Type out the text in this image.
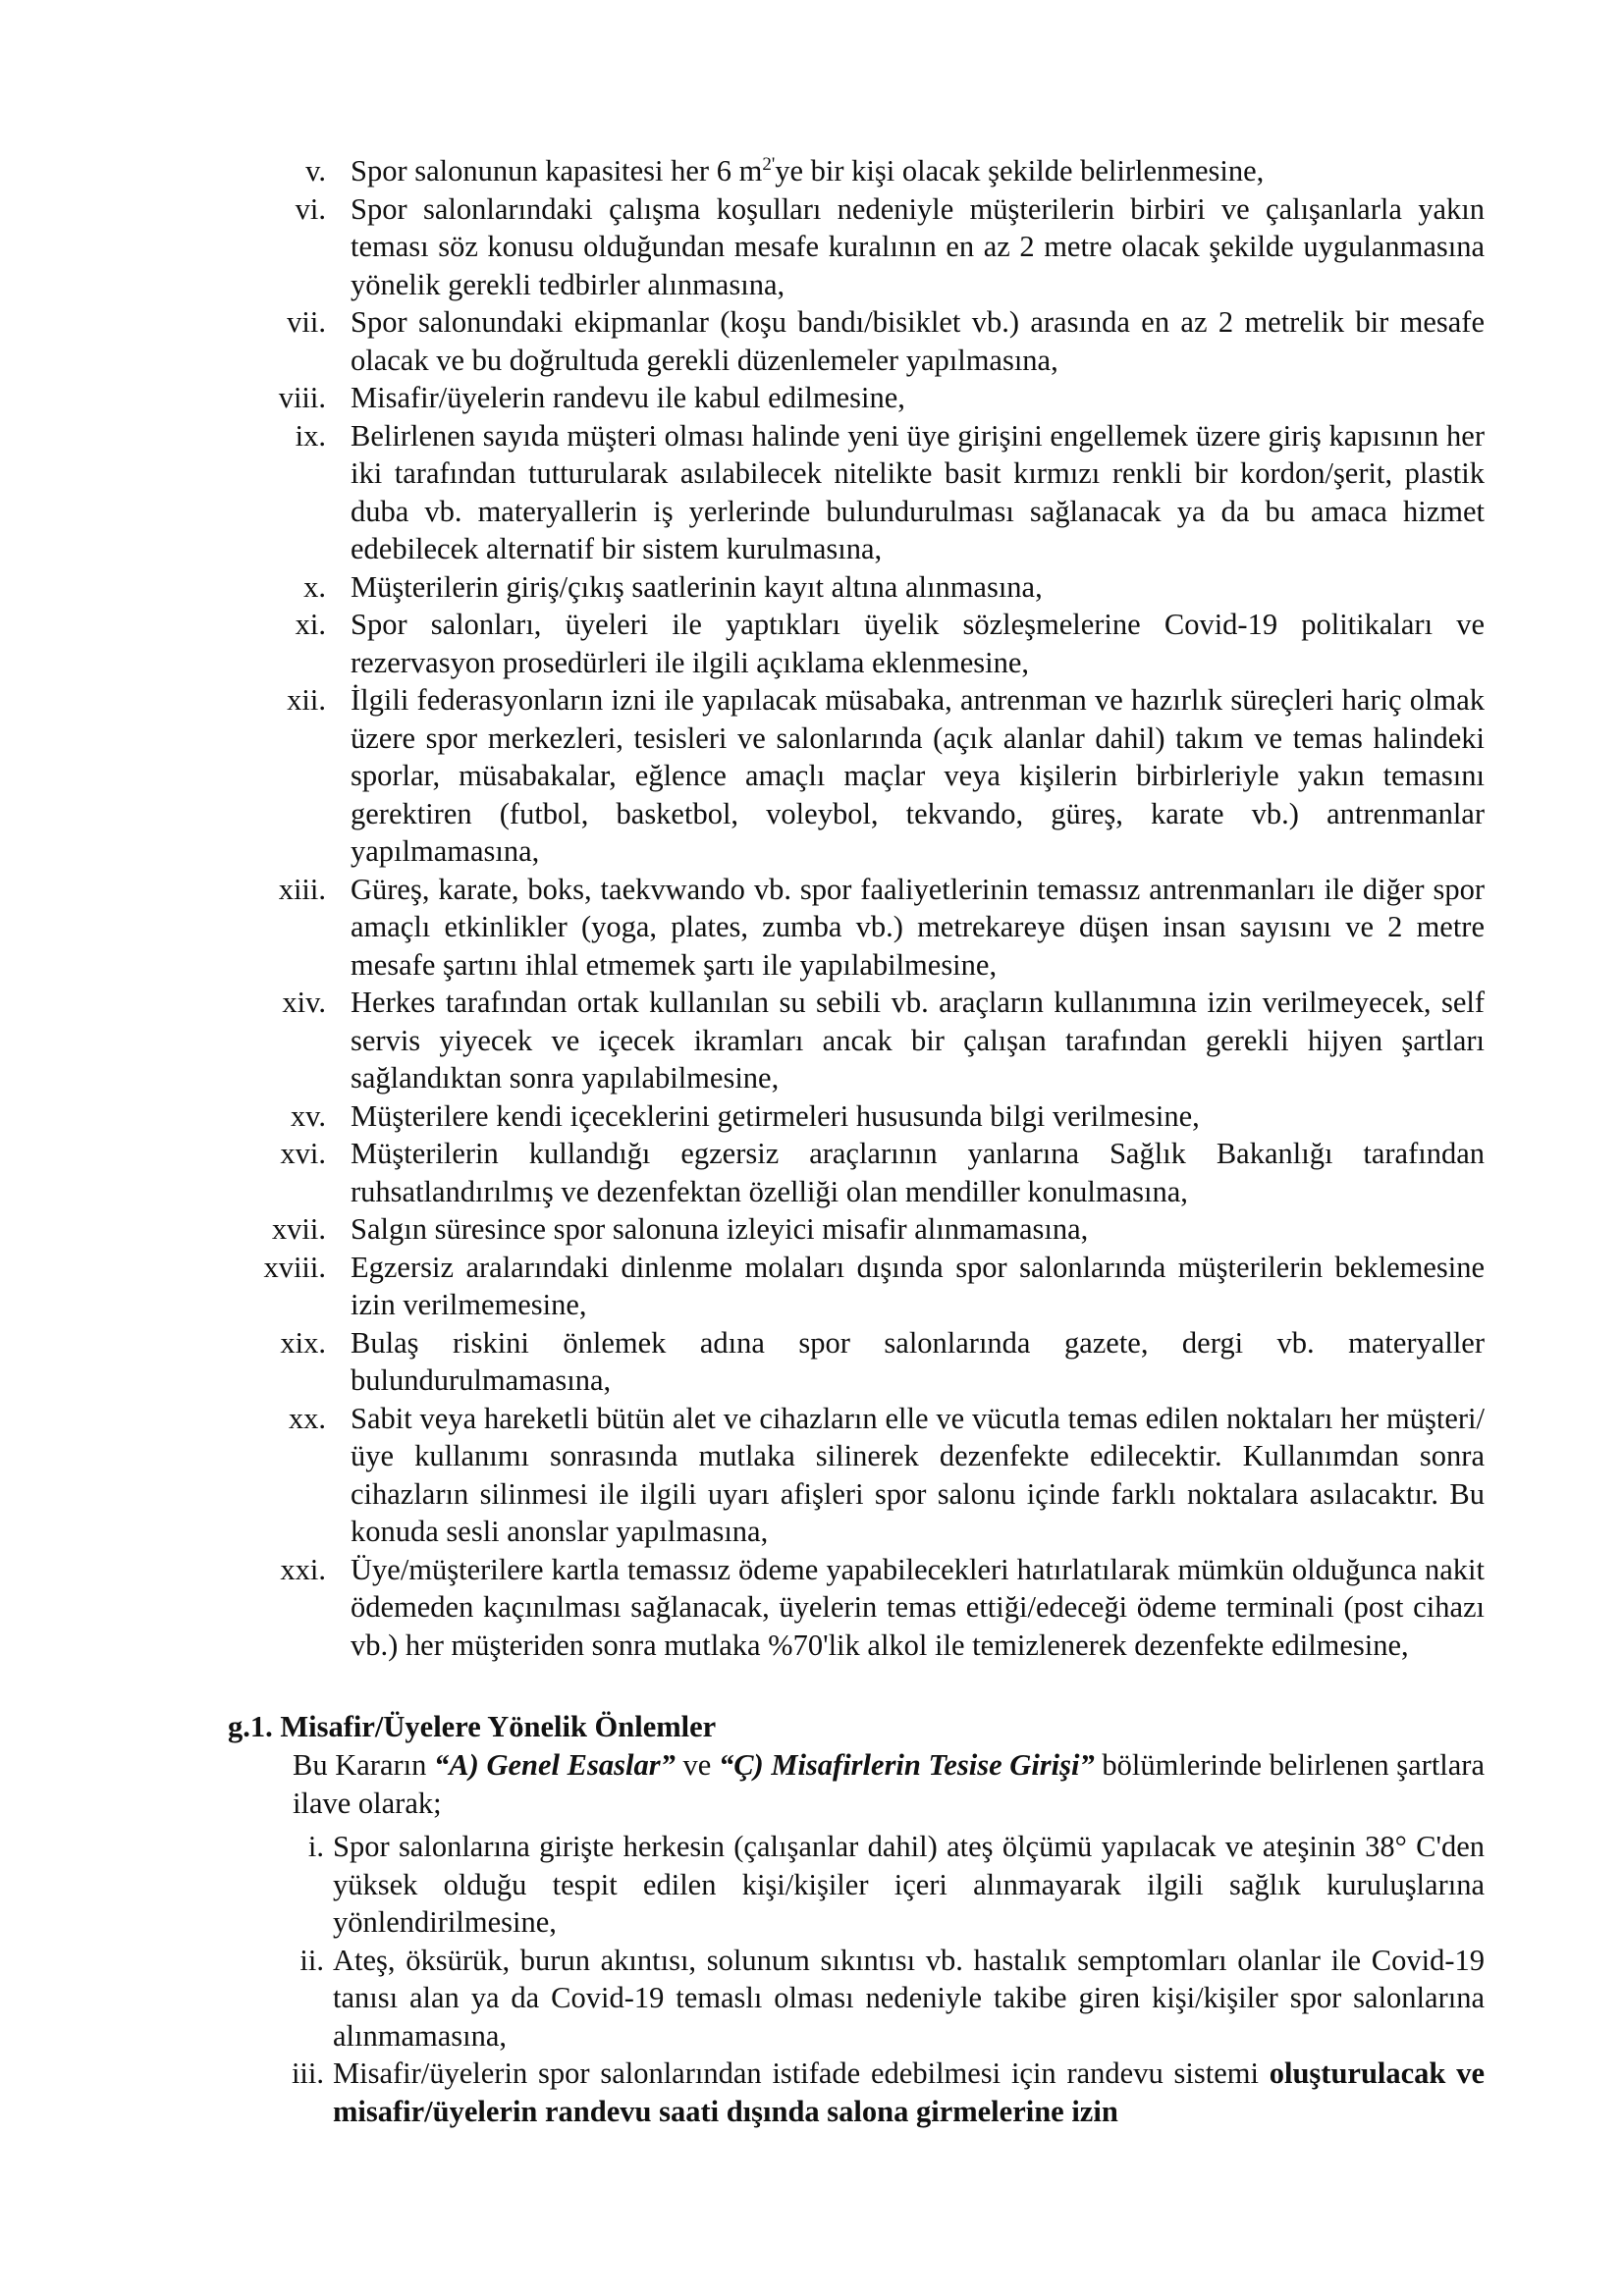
v. Spor salonunun kapasitesi her 6 $m^{2'}ye$ bir kişi olacak şekilde belirlenmesine,
vi. Spor salonlarındaki çalışma koşulları nedeniyle müşterilerin birbiri ve çalışanlarla yakın teması söz konusu olduğundan mesafe kuralının en az 2 metre olacak şekilde uygulanmasına yönelik gerekli tedbirler alınmasına,
vii. Spor salonundaki ekipmanlar (koşu bandı/bisiklet vb.) arasında en az 2 metrelik bir mesafe olacak ve bu doğrultuda gerekli düzenlemeler yapılmasına,
viii. Misafir/üyelerin randevu ile kabul edilmesine,
ix. Belirlenen sayıda müşteri olması halinde yeni üye girişini engellemek üzere giriş kapısının her iki tarafından tutturularak asılabilecek nitelikte basit kırmızı renkli bir kordon/şerit, plastik duba vb. materyallerin iş yerlerinde bulundurulması sağlanacak ya da bu amaca hizmet edebilecek alternatif bir sistem kurulmasına,
x. Müşterilerin giriş/çıkış saatlerinin kayıt altına alınmasına,
xi. Spor salonları, üyeleri ile yaptıkları üyelik sözleşmelerine Covid-19 politikaları ve rezervasyon prosedürleri ile ilgili açıklama eklenmesine,
xii. İlgili federasyonların izni ile yapılacak müsabaka, antrenman ve hazırlık süreçleri hariç olmak üzere spor merkezleri, tesisleri ve salonlarında (açık alanlar dahil) takım ve temas halindeki sporlar, müsabakalar, eğlence amaçlı maçlar veya kişilerin birbirleriyle yakın temasını gerektiren (futbol, basketbol, voleybol, tekvando, güreş, karate vb.) antrenmanlar yapılmamasına,
xiii. Güreş, karate, boks, taekvwando vb. spor faaliyetlerinin temassız antrenmanları ile diğer spor amaçlı etkinlikler (yoga, plates, zumba vb.) metrekareye düşen insan sayısını ve 2 metre mesafe şartını ihlal etmemek şartı ile yapılabilmesine,
xiv. Herkes tarafından ortak kullanılan su sebili vb. araçların kullanımına izin verilmeyecek, self servis yiyecek ve içecek ikramları ancak bir çalışan tarafından gerekli hijyen şartları sağlandıktan sonra yapılabilmesine,
xv. Müşterilere kendi içeceklerini getirmeleri hususunda bilgi verilmesine,
xvi. Müşterilerin kullandığı egzersiz araçlarının yanlarına Sağlık Bakanlığı tarafından ruhsatlandırılmış ve dezenfektan özelliği olan mendiller konulmasına,
xvii. Salgın süresince spor salonuna izleyici misafir alınmamasına,
xviii. Egzersiz aralarındaki dinlenme molaları dışında spor salonlarında müşterilerin beklemesine izin verilmemesine,
xix. Bulaş riskini önlemek adına spor salonlarında gazete, dergi vb. materyaller bulundurulmamasına,
xx. Sabit veya hareketli bütün alet ve cihazların elle ve vücutla temas edilen noktaları her müşteri/üye kullanımı sonrasında mutlaka silinerek dezenfekte edilecektir. Kullanımdan sonra cihazların silinmesi ile ilgili uyarı afişleri spor salonu içinde farklı noktalara asılacaktır. Bu konuda sesli anonslar yapılmasına,
xxi. Üye/müşterilere kartla temassız ödeme yapabilecekleri hatırlatılarak mümkün olduğunca nakit ödemeden kaçınılması sağlanacak, üyelerin temas ettiği/edeceği ödeme terminali (post cihazı vb.) her müşteriden sonra mutlaka %70'lik alkol ile temizlenerek dezenfekte edilmesine,
g.1. Misafir/Üyelere Yönelik Önlemler
Bu Kararın “A) Genel Esaslar” ve “Ç) Misafirlerin Tesise Girişi” bölümlerinde belirlenen şartlara ilave olarak;
i. Spor salonlarına girişte herkesin (çalışanlar dahil) ateş ölçümü yapılacak ve ateşinin 38° C'den yüksek olduğu tespit edilen kişi/kişiler içeri alınmayarak ilgili sağlık kuruluşlarına yönlendirilmesine,
ii. Ateş, öksürük, burun akıntısı, solunum sıkıntısı vb. hastalık semptomları olanlar ile Covid-19 tanısı alan ya da Covid-19 temaslı olması nedeniyle takibe giren kişi/kişiler spor salonlarına alınmamasına,
iii. Misafir/üyelerin spor salonlarından istifade edebilmesi için randevu sistemi oluşturulacak ve misafir/üyelerin randevu saati dışında salona girmelerine izin
